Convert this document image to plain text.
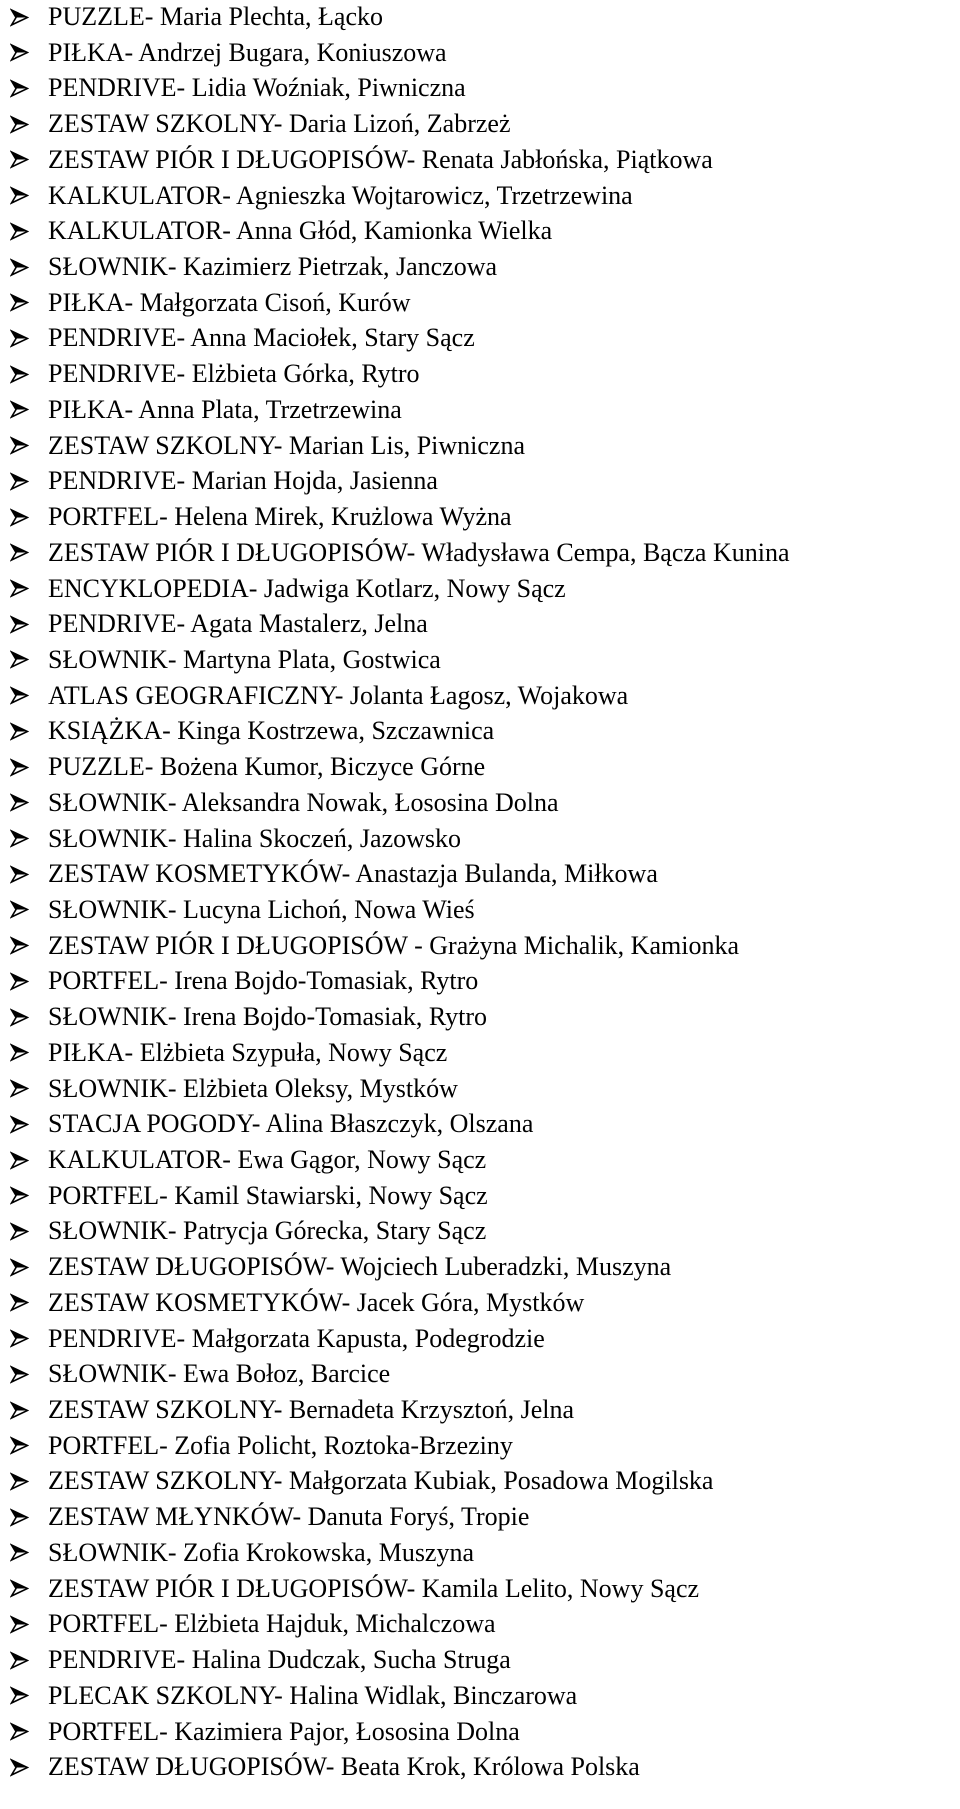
PUZZLE- Maria Plechta, Łącko
PIŁKA- Andrzej Bugara, Koniuszowa
PENDRIVE- Lidia Woźniak, Piwniczna
ZESTAW SZKOLNY- Daria Lizoń, Zabrzeż
ZESTAW PIÓR I DŁUGOPISÓW- Renata Jabłońska, Piątkowa
KALKULATOR- Agnieszka Wojtarowicz, Trzetrzewina
KALKULATOR- Anna Głód, Kamionka Wielka
SŁOWNIK- Kazimierz Pietrzak, Janczowa
PIŁKA- Małgorzata Cisoń, Kurów
PENDRIVE- Anna Maciołek, Stary Sącz
PENDRIVE- Elżbieta Górka, Rytro
PIŁKA- Anna Plata, Trzetrzewina
ZESTAW SZKOLNY- Marian Lis, Piwniczna
PENDRIVE- Marian Hojda, Jasienna
PORTFEL- Helena Mirek, Krużlowa Wyżna
ZESTAW PIÓR I DŁUGOPISÓW- Władysława Cempa, Bącza Kunina
ENCYKLOPEDIA- Jadwiga Kotlarz, Nowy Sącz
PENDRIVE- Agata Mastalerz, Jelna
SŁOWNIK- Martyna Plata, Gostwica
ATLAS GEOGRAFICZNY- Jolanta Łagosz, Wojakowa
KSIĄŻKA- Kinga Kostrzewa, Szczawnica
PUZZLE- Bożena Kumor, Biczyce Górne
SŁOWNIK- Aleksandra Nowak, Łososina Dolna
SŁOWNIK- Halina Skoczeń, Jazowsko
ZESTAW KOSMETYKÓW- Anastazja Bulanda, Miłkowa
SŁOWNIK- Lucyna Lichoń, Nowa Wieś
ZESTAW PIÓR I DŁUGOPISÓW - Grażyna Michalik, Kamionka
PORTFEL- Irena Bojdo-Tomasiak, Rytro
SŁOWNIK- Irena Bojdo-Tomasiak, Rytro
PIŁKA- Elżbieta Szypuła, Nowy Sącz
SŁOWNIK- Elżbieta Oleksy, Mystków
STACJA POGODY- Alina Błaszczyk, Olszana
KALKULATOR- Ewa Gągor, Nowy Sącz
PORTFEL- Kamil Stawiarski, Nowy Sącz
SŁOWNIK- Patrycja Górecka, Stary Sącz
ZESTAW DŁUGOPISÓW- Wojciech Luberadzki, Muszyna
ZESTAW KOSMETYKÓW- Jacek Góra, Mystków
PENDRIVE- Małgorzata Kapusta, Podegrodzie
SŁOWNIK- Ewa Bołoz, Barcice
ZESTAW SZKOLNY- Bernadeta Krzysztoń, Jelna
PORTFEL- Zofia Policht, Roztoka-Brzeziny
ZESTAW SZKOLNY- Małgorzata Kubiak, Posadowa Mogilska
ZESTAW MŁYNKÓW- Danuta Foryś, Tropie
SŁOWNIK- Zofia Krokowska, Muszyna
ZESTAW PIÓR I DŁUGOPISÓW- Kamila Lelito, Nowy Sącz
PORTFEL- Elżbieta Hajduk, Michalczowa
PENDRIVE- Halina Dudczak, Sucha Struga
PLECAK SZKOLNY- Halina Widlak, Binczarowa
PORTFEL- Kazimiera Pajor, Łososina Dolna
ZESTAW DŁUGOPISÓW- Beata Krok, Królowa Polska
